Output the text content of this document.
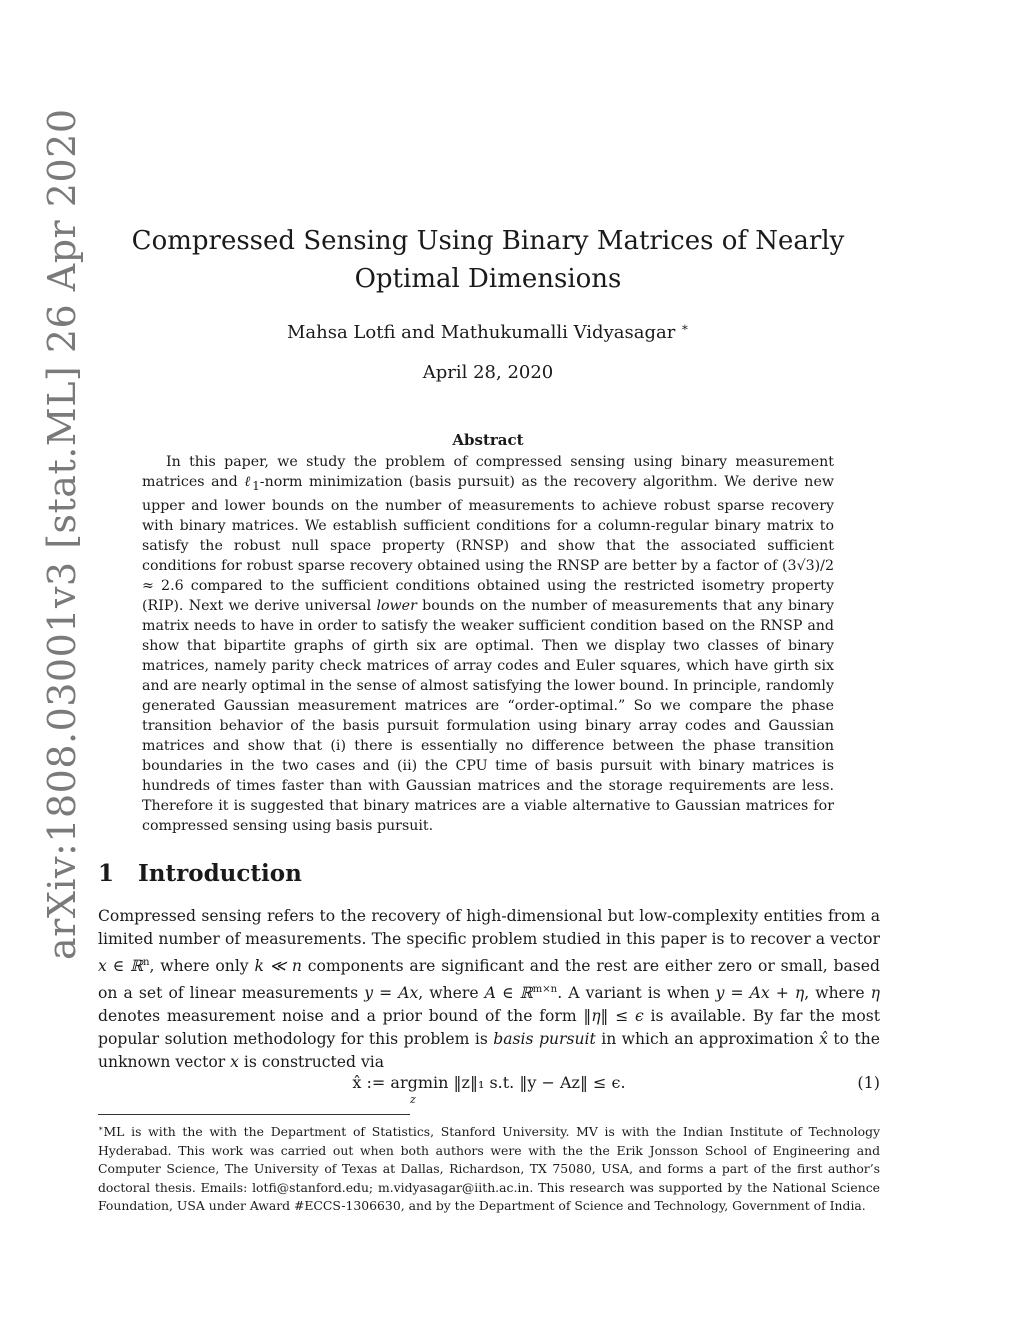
arXiv:1808.03001v3 [stat.ML] 26 Apr 2020	Compressed Sensing Using Binary Matrices of Nearly Optimal Dimensions
Mahsa Lotfi and Mathukumalli Vidyasagar ∗
April 28, 2020
Abstract

In this paper, we study the problem of compressed sensing using binary measurement matrices and ℓ$_1$-norm minimization (basis pursuit) as the recovery algorithm. We derive new upper and lower bounds on the number of measurements to achieve robust sparse recovery with binary matrices. We establish sufficient conditions for a column-regular binary matrix to satisfy the robust null space property (RNSP) and show that the associated sufficient conditions for robust sparse recovery obtained using the RNSP are better by a factor of (3√3)/2 ≈ 2.6 compared to the sufficient conditions obtained using the restricted isometry property (RIP). Next we derive universal lower bounds on the number of measurements that any binary matrix needs to have in order to satisfy the weaker sufficient condition based on the RNSP and show that bipartite graphs of girth six are optimal. Then we display two classes of binary matrices, namely parity check matrices of array codes and Euler squares, which have girth six and are nearly optimal in the sense of almost satisfying the lower bound. In principle, randomly generated Gaussian measurement matrices are “order-optimal.” So we compare the phase transition behavior of the basis pursuit formulation using binary array codes and Gaussian matrices and show that (i) there is essentially no difference between the phase transition boundaries in the two cases and (ii) the CPU time of basis pursuit with binary matrices is hundreds of times faster than with Gaussian matrices and the storage requirements are less. Therefore it is suggested that binary matrices are a viable alternative to Gaussian matrices for compressed sensing using basis pursuit.

1 Introduction

Compressed sensing refers to the recovery of high-dimensional but low-complexity entities from a limited number of measurements. The specific problem studied in this paper is to recover a vector x ∈ ℝ$^n$, where only k ≪ n components are significant and the rest are either zero or small, based on a set of linear measurements y = Ax, where A ∈ ℝ$^{m\times n}$. A variant is when y = Ax + η, where η denotes measurement noise and a prior bound of the form ‖η‖ ≤ ϵ is available. By far the most popular solution methodology for this problem is basis pursuit in which an approximation x̂ to the unknown vector x is constructed via

x̂ := argmin ‖z‖₁ s.t. ‖y − Az‖ ≤ ϵ.
z
(1)

∗ML is with the with the Department of Statistics, Stanford University. MV is with the Indian Institute of Technology Hyderabad. This work was carried out when both authors were with the the Erik Jonsson School of Engineering and Computer Science, The University of Texas at Dallas, Richardson, TX 75080, USA, and forms a part of the first author’s doctoral thesis. Emails: lotfi@stanford.edu; m.vidyasagar@iith.ac.in. This research was supported by the National Science Foundation, USA under Award #ECCS-1306630, and by the Department of Science and Technology, Government of India.
